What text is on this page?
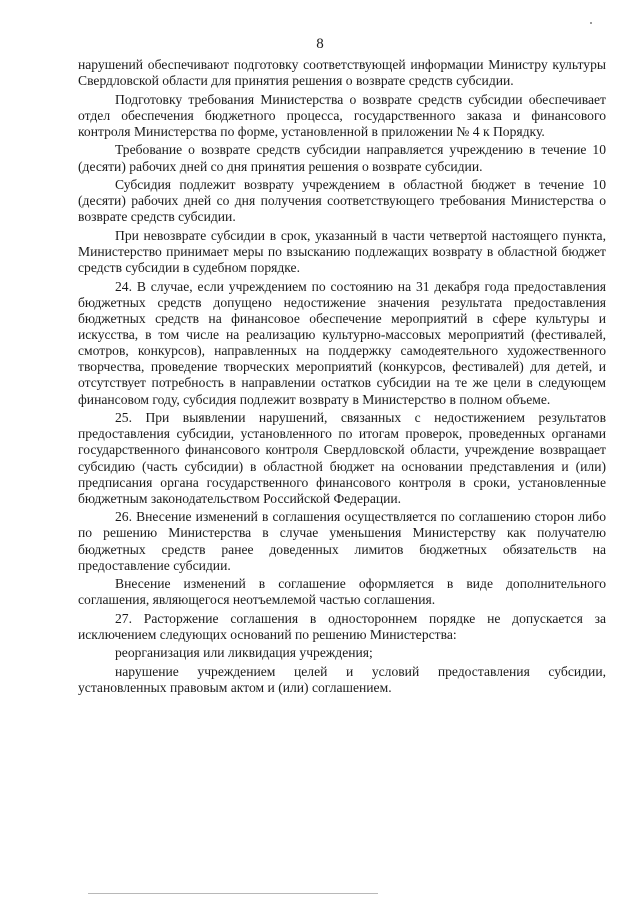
8

нарушений обеспечивают подготовку соответствующей информации Министру культуры Свердловской области для принятия решения о возврате средств субсидии.

Подготовку требования Министерства о возврате средств субсидии обеспечивает отдел обеспечения бюджетного процесса, государственного заказа и финансового контроля Министерства по форме, установленной в приложении № 4 к Порядку.

Требование о возврате средств субсидии направляется учреждению в течение 10 (десяти) рабочих дней со дня принятия решения о возврате субсидии.

Субсидия подлежит возврату учреждением в областной бюджет в течение 10 (десяти) рабочих дней со дня получения соответствующего требования Министерства о возврате средств субсидии.

При невозврате субсидии в срок, указанный в части четвертой настоящего пункта, Министерство принимает меры по взысканию подлежащих возврату в областной бюджет средств субсидии в судебном порядке.

24. В случае, если учреждением по состоянию на 31 декабря года предоставления бюджетных средств допущено недостижение значения результата предоставления бюджетных средств на финансовое обеспечение мероприятий в сфере культуры и искусства, в том числе на реализацию культурно-массовых мероприятий (фестивалей, смотров, конкурсов), направленных на поддержку самодеятельного художественного творчества, проведение творческих мероприятий (конкурсов, фестивалей) для детей, и отсутствует потребность в направлении остатков субсидии на те же цели в следующем финансовом году, субсидия подлежит возврату в Министерство в полном объеме.

25. При выявлении нарушений, связанных с недостижением результатов предоставления субсидии, установленного по итогам проверок, проведенных органами государственного финансового контроля Свердловской области, учреждение возвращает субсидию (часть субсидии) в областной бюджет на основании представления и (или) предписания органа государственного финансового контроля в сроки, установленные бюджетным законодательством Российской Федерации.

26. Внесение изменений в соглашения осуществляется по соглашению сторон либо по решению Министерства в случае уменьшения Министерству как получателю бюджетных средств ранее доведенных лимитов бюджетных обязательств на предоставление субсидии.

Внесение изменений в соглашение оформляется в виде дополнительного соглашения, являющегося неотъемлемой частью соглашения.

27. Расторжение соглашения в одностороннем порядке не допускается за исключением следующих оснований по решению Министерства:

реорганизация или ликвидация учреждения;

нарушение учреждением целей и условий предоставления субсидии, установленных правовым актом и (или) соглашением.
